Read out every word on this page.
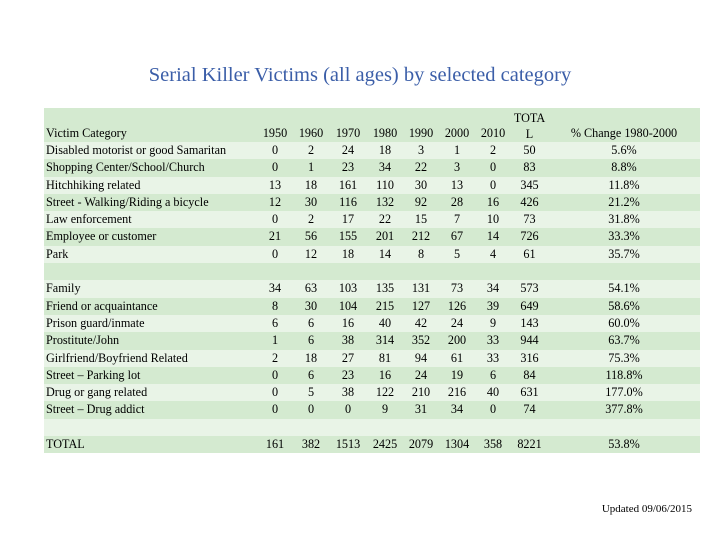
Serial Killer Victims (all ages) by selected category
Victim Category	1950	1960	1970	1980	1990	2000	2010	TOTAL	% Change 1980-2000
Disabled motorist or good Samaritan	0	2	24	18	3	1	2	50	5.6%
Shopping Center/School/Church	0	1	23	34	22	3	0	83	8.8%
Hitchhiking related	13	18	161	110	30	13	0	345	11.8%
Street - Walking/Riding a bicycle	12	30	116	132	92	28	16	426	21.2%
Law enforcement	0	2	17	22	15	7	10	73	31.8%
Employee or customer	21	56	155	201	212	67	14	726	33.3%
Park	0	12	18	14	8	5	4	61	35.7%

Family	34	63	103	135	131	73	34	573	54.1%
Friend or acquaintance	8	30	104	215	127	126	39	649	58.6%
Prison guard/inmate	6	6	16	40	42	24	9	143	60.0%
Prostitute/John	1	6	38	314	352	200	33	944	63.7%
Girlfriend/Boyfriend Related	2	18	27	81	94	61	33	316	75.3%
Street – Parking lot	0	6	23	16	24	19	6	84	118.8%
Drug or gang related	0	5	38	122	210	216	40	631	177.0%
Street – Drug addict	0	0	0	9	31	34	0	74	377.8%

TOTAL	161	382	1513	2425	2079	1304	358	8221	53.8%
Updated 09/06/2015
